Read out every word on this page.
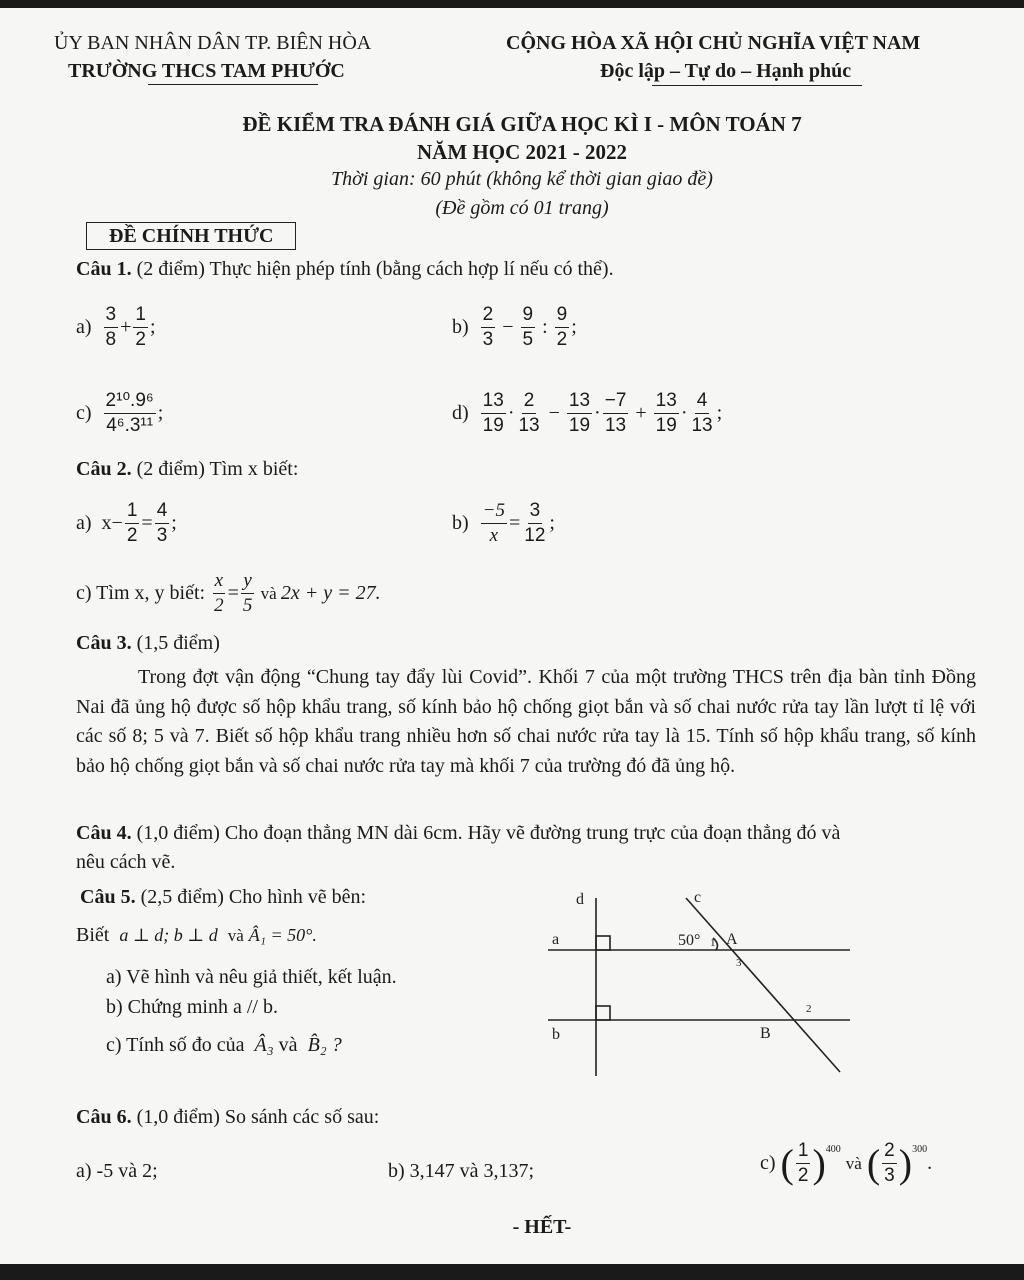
ỦY BAN NHÂN DÂN TP. BIÊN HÒA
TRƯỜNG THCS TAM PHƯỚC
CỘNG HÒA XÃ HỘI CHỦ NGHĨA VIỆT NAM
Độc lập – Tự do – Hạnh phúc
ĐỀ KIỂM TRA ĐÁNH GIÁ GIỮA HỌC KÌ I - MÔN TOÁN 7
NĂM HỌC 2021 - 2022
Thời gian: 60 phút (không kể thời gian giao đề)
(Đề gồm có 01 trang)
ĐỀ CHÍNH THỨC
Câu 1. (2 điểm) Thực hiện phép tính (bằng cách hợp lí nếu có thể).
a)
$\frac{3}{8} + \frac{1}{2}$ ;	b)
$\frac{2}{3} - \frac{9}{5}$ : $\frac{9}{2}$ ;
c)
$\frac{\text{2¹⁰.9⁶}}{\text{4⁶.3¹¹}}$ ;	d)
$\frac{13}{19} \cdot \frac{2}{13} - \frac{13}{19} \cdot \frac{-7}{13} + \frac{13}{19} \cdot \frac{4}{13}$ ;
Câu 2. (2 điểm) Tìm x biết:
a)
$x - \frac{1}{2} = \frac{4}{3}$ ;	b)
$\frac{-5}{x} = \frac{3}{12}$ ;
c) Tìm x, y biết:
$\frac{x}{2} = \frac{y}{5}$ và 2x + y = 27.
Câu 3. (1,5 điểm)
Trong đợt vận động “Chung tay đẩy lùi Covid”. Khối 7 của một trường THCS trên địa bàn tỉnh Đồng Nai đã ủng hộ được số hộp khẩu trang, số kính bảo hộ chống giọt bắn và số chai nước rửa tay lần lượt tỉ lệ với các số 8; 5 và 7. Biết số hộp khẩu trang nhiều hơn số chai nước rửa tay là 15. Tính số hộp khẩu trang, số kính bảo hộ chống giọt bắn và số chai nước rửa tay mà khối 7 của trường đó đã ủng hộ.
Câu 4. (1,0 điểm) Cho đoạn thẳng MN dài 6cm. Hãy vẽ đường trung trực của đoạn thẳng đó và
nêu cách vẽ.
Câu 5. (2,5 điểm) Cho hình vẽ bên:
Biết a ⊥ d; b ⊥ d và Â₁ = 50°.
a) Vẽ hình và nêu giả thiết, kết luận.
b) Chứng minh a // b.
c) Tính số đo của Â₃ và B̂₂ ?
d	c
a
b
A
B
50° 1
3
2
Câu 6. (1,0 điểm) So sánh các số sau:
a) -5 và 2;	b) 3,147 và 3,137;	c)
( $\frac{1}{2}$ ) 400

và
( $\frac{2}{3}$ ) 300
.
- HẾT-
